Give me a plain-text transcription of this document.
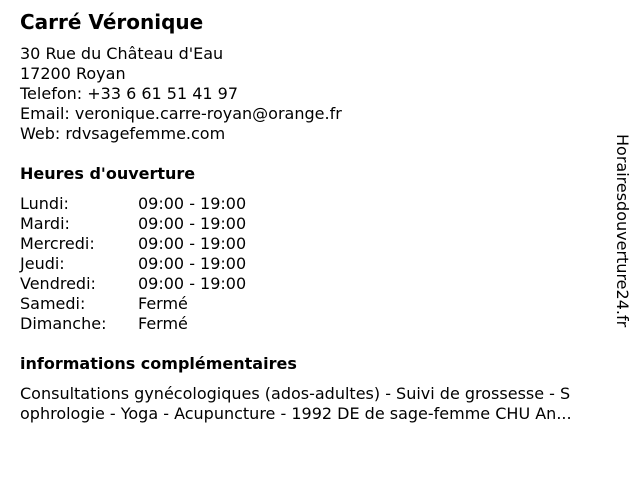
Carré Véronique
30 Rue du Château d'Eau
17200 Royan
Telefon: +33 6 61 51 41 97
Email: veronique.carre-royan@orange.fr
Web: rdvsagefemme.com
Heures d'ouverture
Lundi:	09:00 - 19:00
Mardi:	09:00 - 19:00
Mercredi:	09:00 - 19:00
Jeudi:	09:00 - 19:00
Vendredi:	09:00 - 19:00
Samedi:	Fermé
Dimanche:	Fermé
informations complémentaires
Consultations gynécologiques (ados-adultes) - Suivi de grossesse - S
ophrologie - Yoga - Acupuncture - 1992 DE de sage-femme CHU An...
Horairesdouverture24.fr
